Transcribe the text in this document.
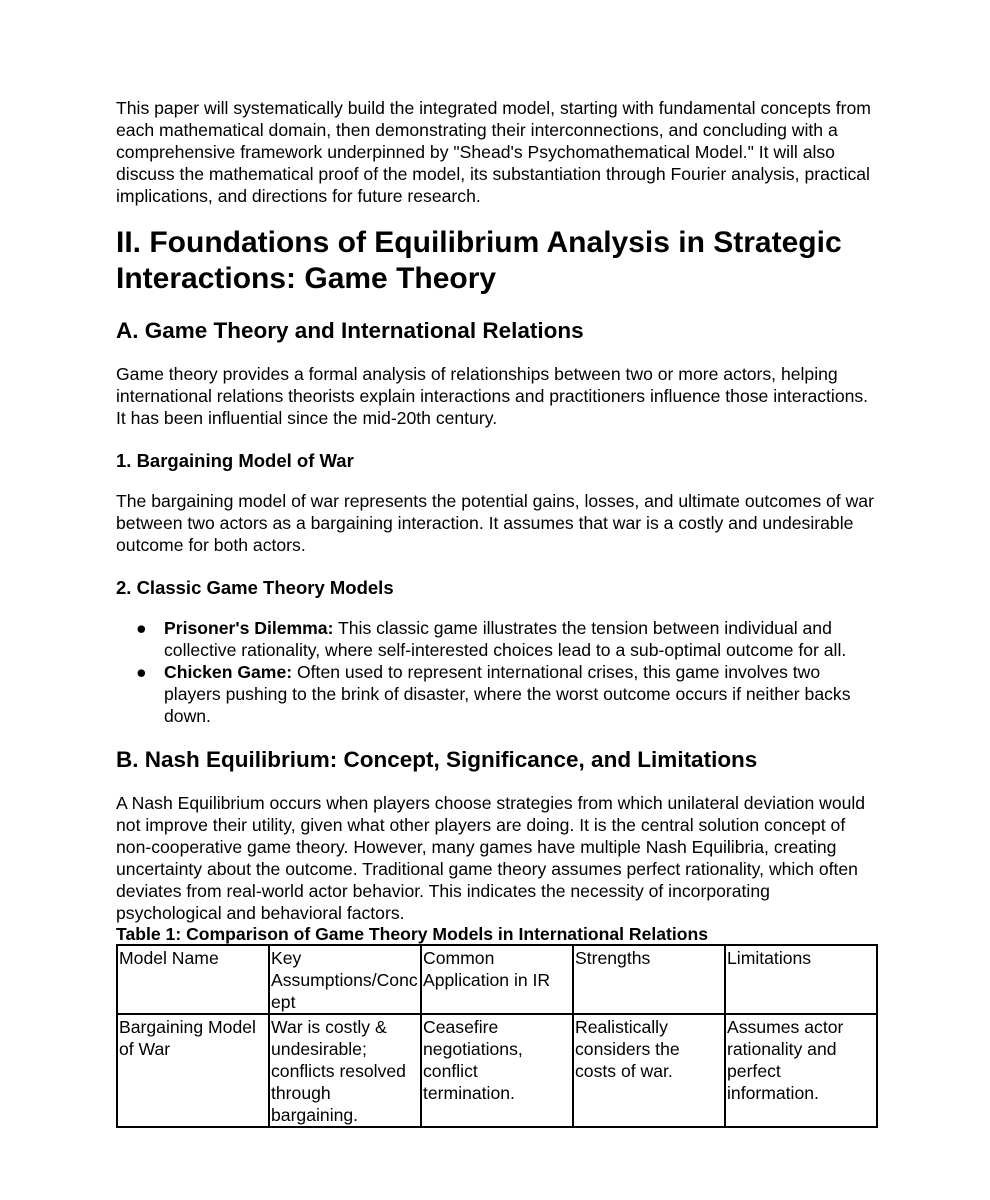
This paper will systematically build the integrated model, starting with fundamental concepts from each mathematical domain, then demonstrating their interconnections, and concluding with a comprehensive framework underpinned by "Shead's Psychomathematical Model." It will also discuss the mathematical proof of the model, its substantiation through Fourier analysis, practical implications, and directions for future research.

II. Foundations of Equilibrium Analysis in Strategic Interactions: Game Theory
A. Game Theory and International Relations

Game theory provides a formal analysis of relationships between two or more actors, helping international relations theorists explain interactions and practitioners influence those interactions. It has been influential since the mid-20th century.

1. Bargaining Model of War

The bargaining model of war represents the potential gains, losses, and ultimate outcomes of war between two actors as a bargaining interaction. It assumes that war is a costly and undesirable outcome for both actors.

2. Classic Game Theory Models
● Prisoner's Dilemma: This classic game illustrates the tension between individual and collective rationality, where self-interested choices lead to a sub-optimal outcome for all.
● Chicken Game: Often used to represent international crises, this game involves two players pushing to the brink of disaster, where the worst outcome occurs if neither backs down.
B. Nash Equilibrium: Concept, Significance, and Limitations

A Nash Equilibrium occurs when players choose strategies from which unilateral deviation would not improve their utility, given what other players are doing. It is the central solution concept of non-cooperative game theory. However, many games have multiple Nash Equilibria, creating uncertainty about the outcome. Traditional game theory assumes perfect rationality, which often deviates from real-world actor behavior. This indicates the necessity of incorporating psychological and behavioral factors.

Table 1: Comparison of Game Theory Models in International Relations

Model Name	Key Assumptions/Concept	Common Application in IR	Strengths	Limitations
Bargaining Model of War	War is costly & undesirable; conflicts resolved through bargaining.	Ceasefire negotiations, conflict termination.	Realistically considers the costs of war.	Assumes actor rationality and perfect information.
